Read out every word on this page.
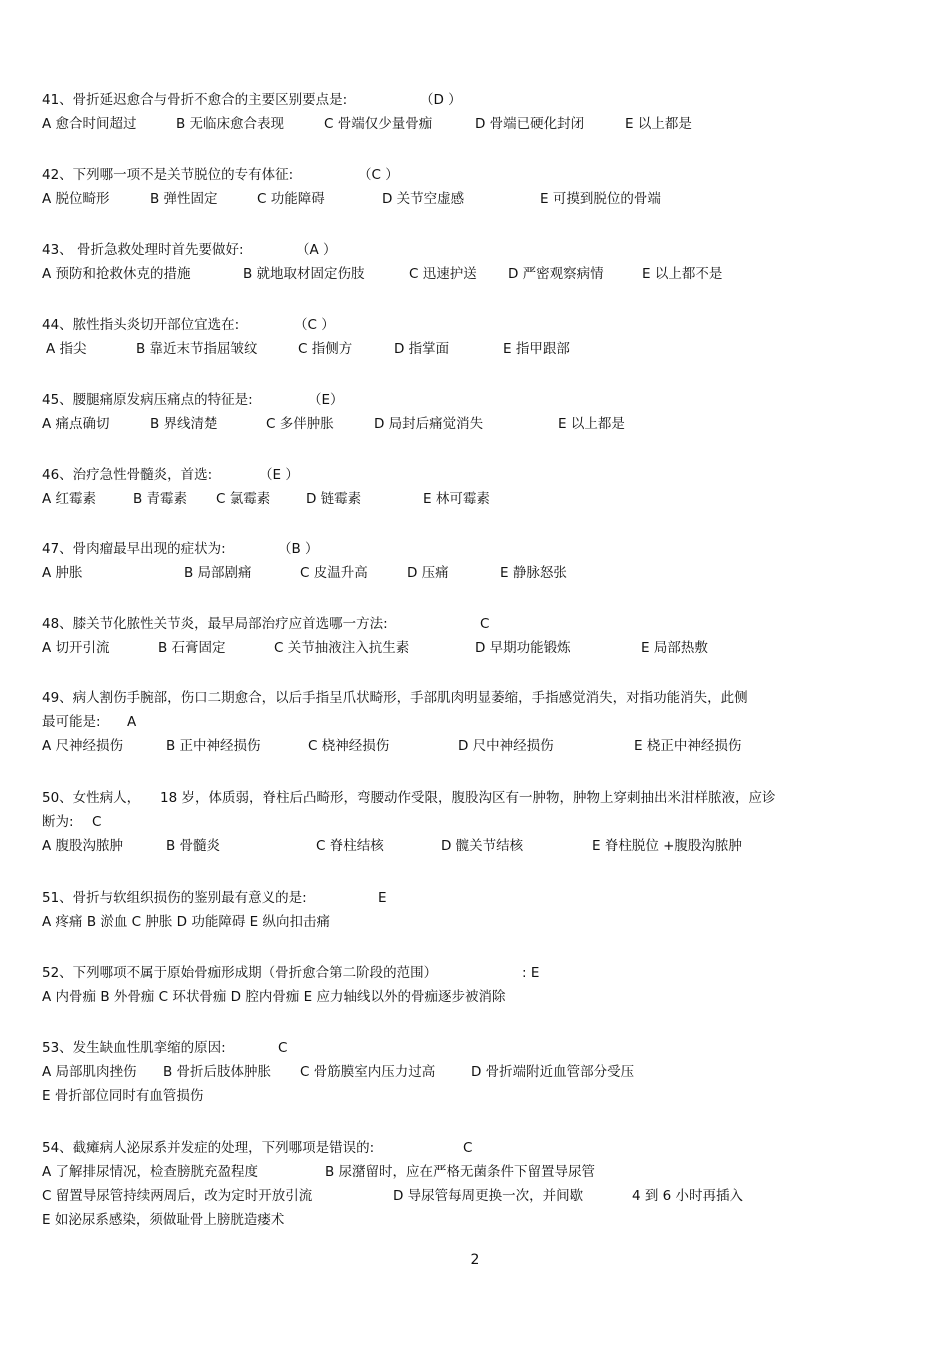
41、骨折延迟愈合与骨折不愈合的主要区别要点是:

	（D ）

A 愈合时间超过

	B 无临床愈合表现

	C 骨端仅少量骨痂

	D 骨端已硬化封闭

	E 以上都是

42、下列哪一项不是关节脱位的专有体征:

	（C ）

A 脱位畸形

	B 弹性固定

	C 功能障碍

	D 关节空虚感

	E 可摸到脱位的骨端

43、 骨折急救处理时首先要做好:

	（A ）

A 预防和抢救休克的措施

	B 就地取材固定伤肢

	C 迅速护送

D 严密观察病情

	E 以上都不是

44、脓性指头炎切开部位宜选在:

	（C ）

A 指尖

	B 靠近末节指屈皱纹

	C 指侧方

	D 指掌面

	E 指甲跟部

45、腰腿痛原发病压痛点的特征是:

	（E）

A 痛点确切

	B 界线清楚

	C 多伴肿胀

	D 局封后痛觉消失

	E 以上都是

46、治疗急性骨髓炎，首选:

	（E ）

A 红霉素

	B 青霉素

C 氯霉素

	D 链霉素

	E 林可霉素

47、骨肉瘤最早出现的症状为:

	（B ）

A 肿胀

	B 局部剧痛

	C 皮温升高

	D 压痛

	E 静脉怒张

48、膝关节化脓性关节炎，最早局部治疗应首选哪一方法:

	C

A 切开引流

	B 石膏固定

	C 关节抽液注入抗生素

	D 早期功能锻炼

	E 局部热敷

49、病人割伤手腕部，伤口二期愈合，以后手指呈爪状畸形，手部肌肉明显萎缩，手指感觉消失，对指功能消失，此侧

最可能是:

A

A 尺神经损伤

	B 正中神经损伤

	C 桡神经损伤

	D 尺中神经损伤

	E 桡正中神经损伤

50、女性病人，

18 岁，体质弱，脊柱后凸畸形，弯腰动作受限，腹股沟区有一肿物，肿物上穿刺抽出米泔样脓液，应诊

断为:

C

A 腹股沟脓肿

	B 骨髓炎

	C 脊柱结核

	D 髋关节结核

	E 脊柱脱位 +腹股沟脓肿

51、骨折与软组织损伤的鉴别最有意义的是:

	E

A 疼痛 B 淤血 C 肿胀 D 功能障碍 E 纵向扣击痛

52、下列哪项不属于原始骨痂形成期（骨折愈合第二阶段的范围）

	: E

A 内骨痂 B 外骨痂 C 环状骨痂 D 腔内骨痂 E 应力轴线以外的骨痂逐步被消除

53、发生缺血性肌挛缩的原因:

	C

A 局部肌肉挫伤

B 骨折后肢体肿胀

C 骨筋膜室内压力过高

	D 骨折端附近血管部分受压

E 骨折部位同时有血管损伤

54、截瘫病人泌尿系并发症的处理，下列哪项是错误的:

	C

A 了解排尿情况，检查膀胱充盈程度

	B 尿潴留时，应在严格无菌条件下留置导尿管

C 留置导尿管持续两周后，改为定时开放引流

	D 导尿管每周更换一次，并间歇

	4 到 6 小时再插入

E 如泌尿系感染，须做耻骨上膀胱造瘘术

2
